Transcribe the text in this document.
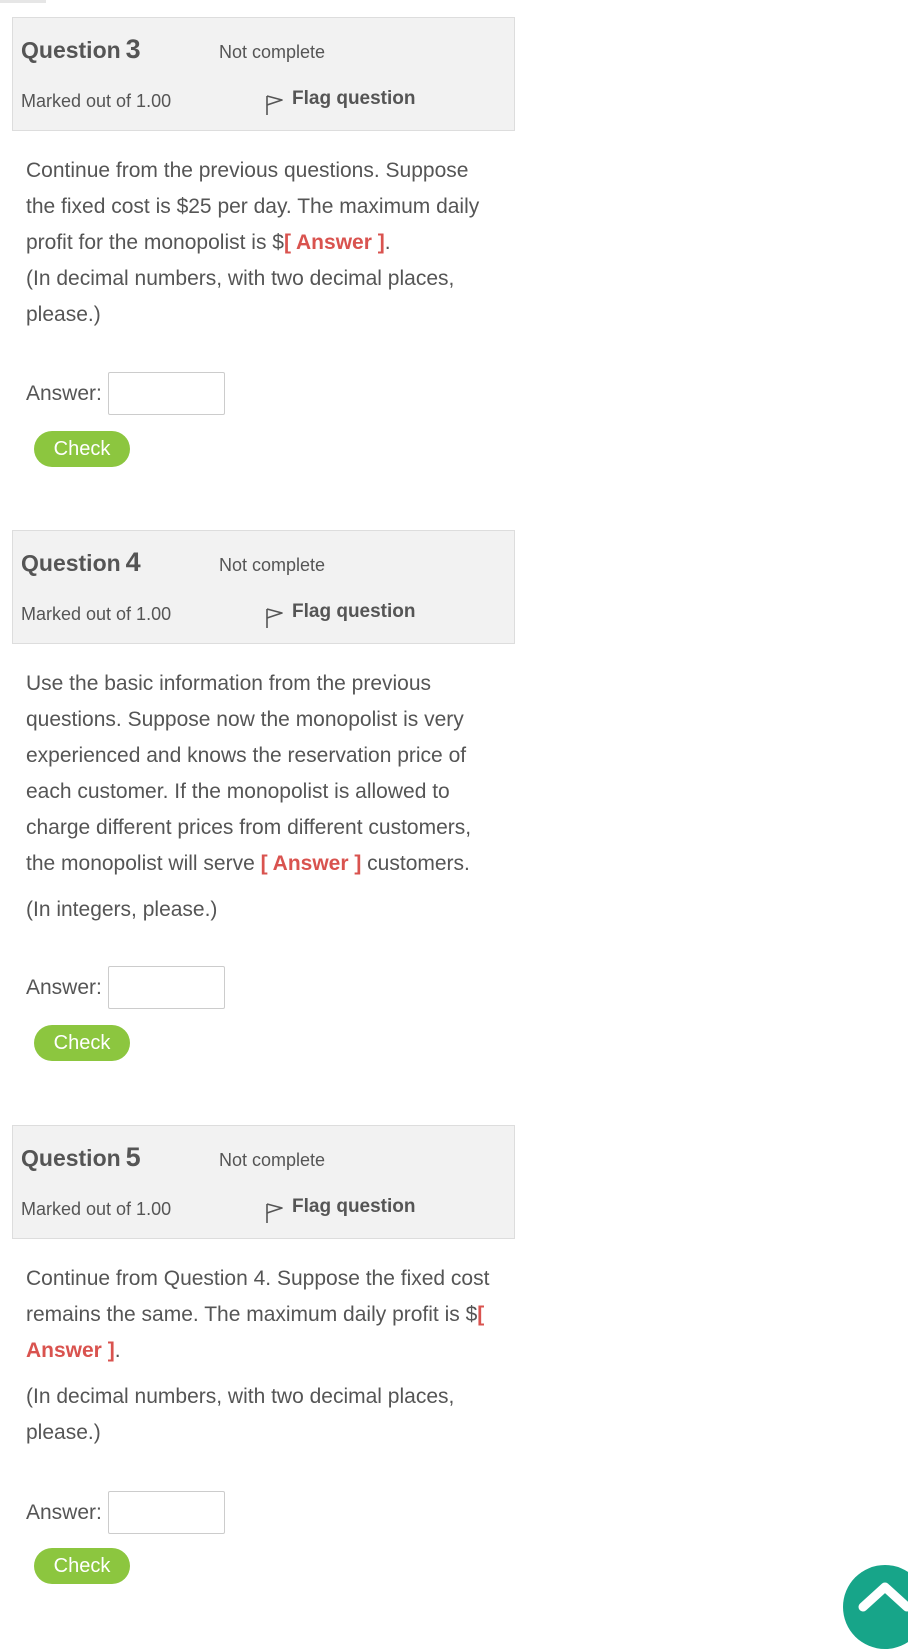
Question 3	Not complete
Marked out of 1.00	Flag question

Continue from the previous questions. Suppose the fixed cost is $25 per day. The maximum daily profit for the monopolist is $[ Answer ].

(In decimal numbers, with two decimal places, please.)

Answer:
Check
Question 4	Not complete
Marked out of 1.00	Flag question

Use the basic information from the previous questions. Suppose now the monopolist is very experienced and knows the reservation price of each customer. If the monopolist is allowed to charge different prices from different customers, the monopolist will serve [ Answer ] customers.

(In integers, please.)

Answer:
Check
Question 5	Not complete
Marked out of 1.00	Flag question

Continue from Question 4. Suppose the fixed cost remains the same. The maximum daily profit is $[ Answer ].

(In decimal numbers, with two decimal places, please.)

Answer:
Check
